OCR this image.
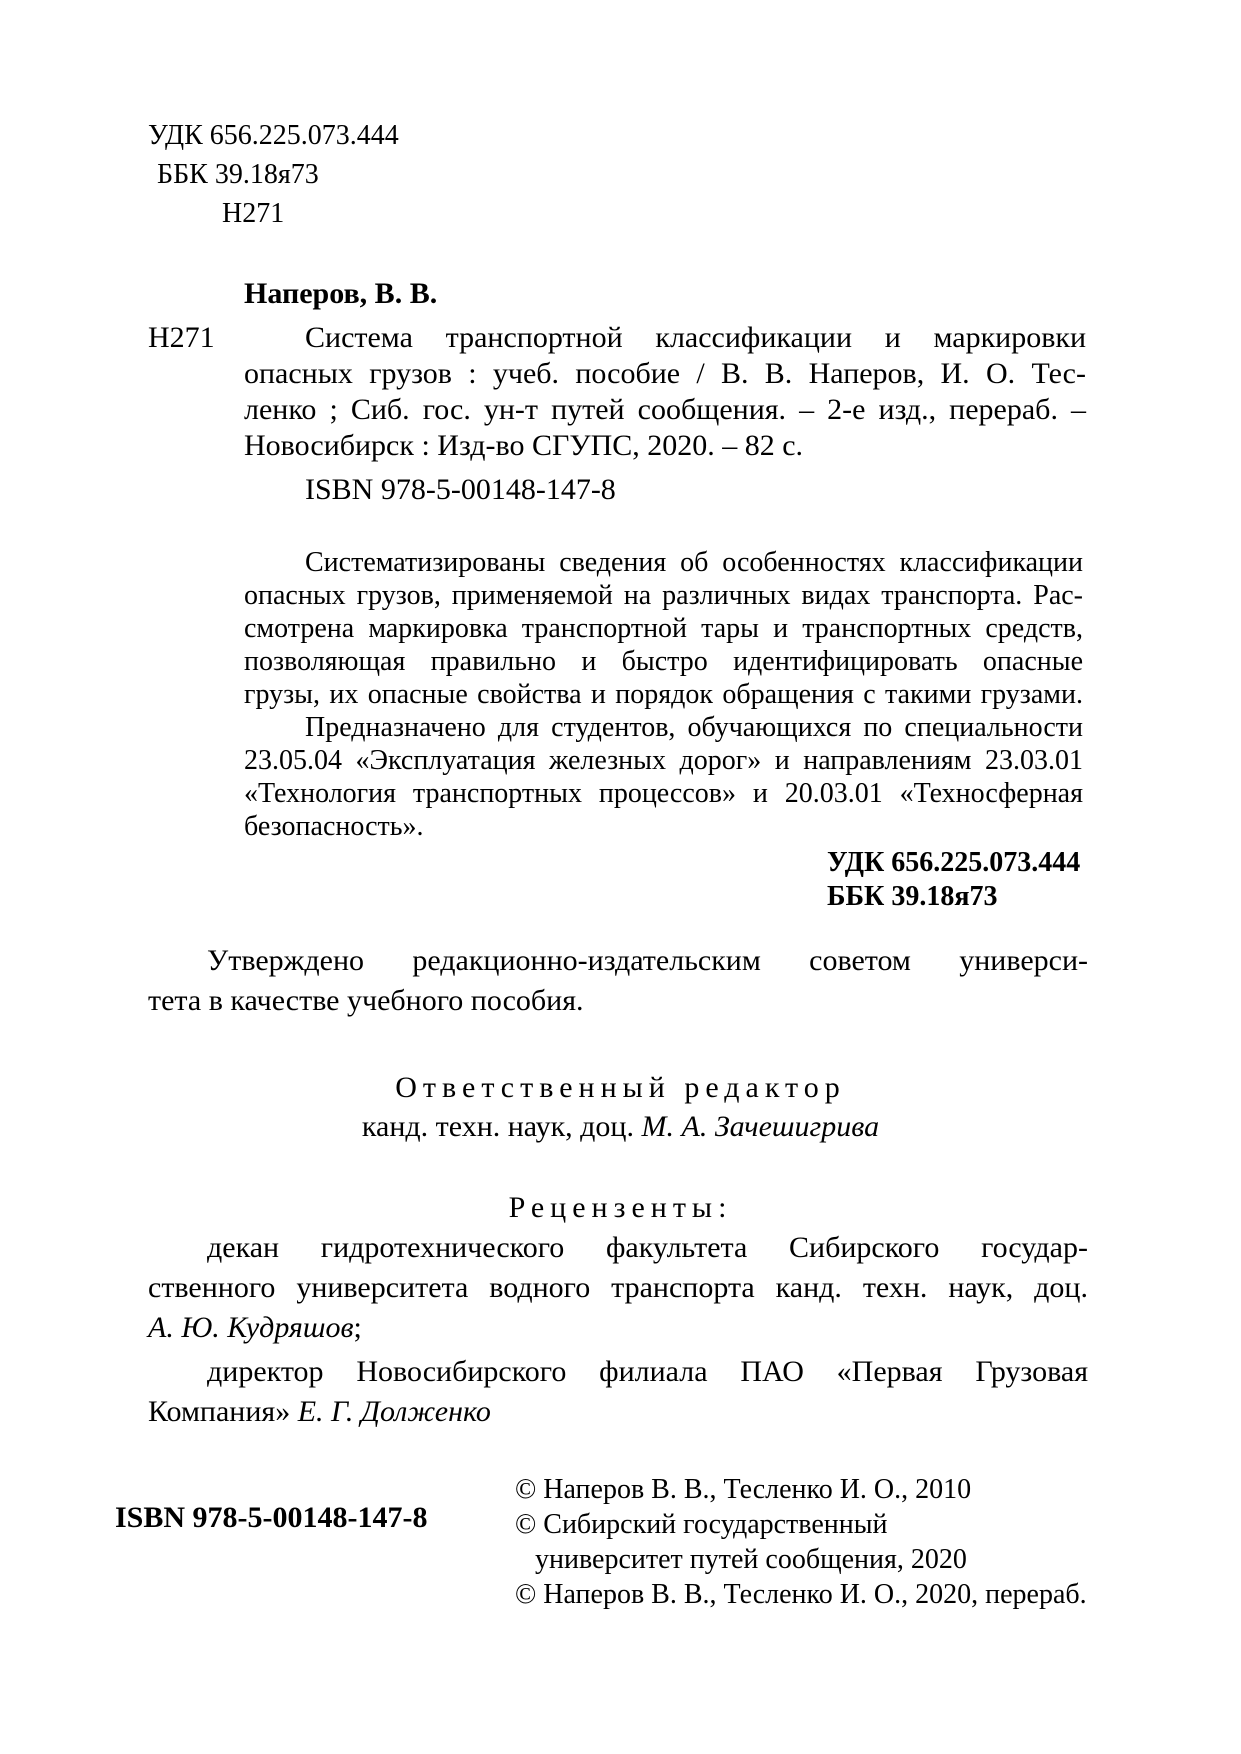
УДК 656.225.073.444
ББК 39.18я73
Н271
Наперов, В. В.
Н271	Система транспортной классификации и маркировки
опасных грузов : учеб. пособие / В. В. Наперов, И. О. Тес-
ленко ; Сиб. гос. ун-т путей сообщения. – 2-е изд., перераб. –
Новосибирск : Изд-во СГУПС, 2020. – 82 с.
ISBN 978-5-00148-147-8
Систематизированы сведения об особенностях классификации
опасных грузов, применяемой на различных видах транспорта. Рас-
смотрена маркировка транспортной тары и транспортных средств,
позволяющая правильно и быстро идентифицировать опасные
грузы, их опасные свойства и порядок обращения с такими грузами.
Предназначено для студентов, обучающихся по специальности
23.05.04 «Эксплуатация железных дорог» и направлениям 23.03.01
«Технология транспортных процессов» и 20.03.01 «Техносферная
безопасность».
УДК 656.225.073.444
ББК 39.18я73
Утверждено редакционно-издательским советом универси-
тета в качестве учебного пособия.
Ответственный редактор
канд. техн. наук, доц. М. А. Зачешигрива
Рецензенты:
декан гидротехнического факультета Сибирского государ-
ственного университета водного транспорта канд. техн. наук, доц.
А. Ю. Кудряшов;
директор Новосибирского филиала ПАО «Первая Грузовая
Компания» Е. Г. Долженко
ISBN 978-5-00148-147-8
© Наперов В. В., Тесленко И. О., 2010
© Сибирский государственный
университет путей сообщения, 2020
© Наперов В. В., Тесленко И. О., 2020, перераб.
